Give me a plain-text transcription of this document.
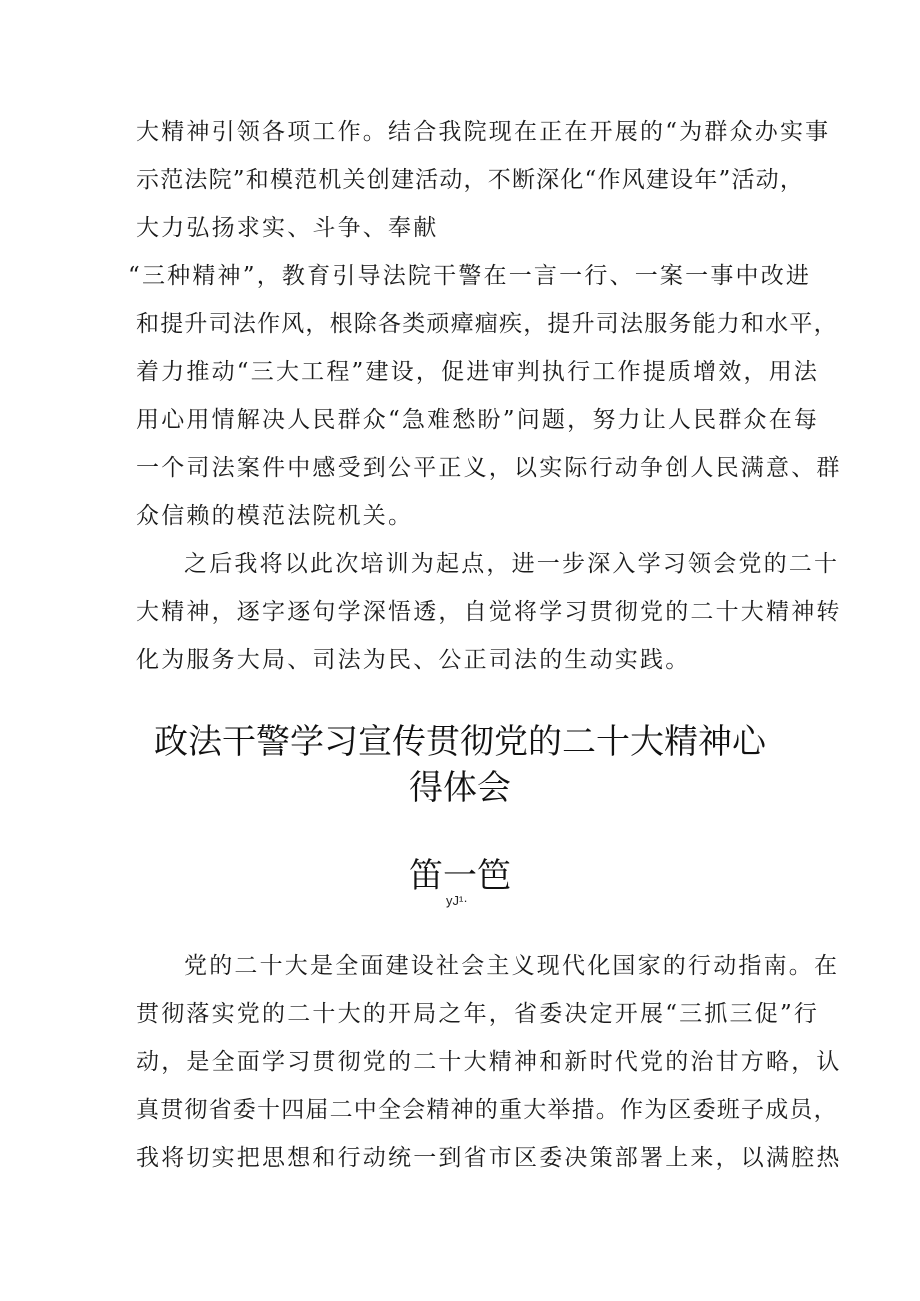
大精神引领各项工作。结合我院现在正在开展的“为群众办实事
示范法院”和模范机关创建活动，不断深化“作风建设年”活动，
大力弘扬求实、斗争、奉献
“三种精神”，教育引导法院干警在一言一行、一案一事中改进
和提升司法作风，根除各类顽瘴痼疾，提升司法服务能力和水平，
着力推动“三大工程”建设，促进审判执行工作提质增效，用法
用心用情解决人民群众“急难愁盼”问题，努力让人民群众在每
一个司法案件中感受到公平正义，以实际行动争创人民满意、群
众信赖的模范法院机关。
之后我将以此次培训为起点，进一步深入学习领会党的二十
大精神，逐字逐句学深悟透，自觉将学习贯彻党的二十大精神转
化为服务大局、司法为民、公正司法的生动实践。
政法干警学习宣传贯彻党的二十大精神心
得体会
笛一笆
yJ¹·
党的二十大是全面建设社会主义现代化国家的行动指南。在
贯彻落实党的二十大的开局之年，省委决定开展“三抓三促”行
动，是全面学习贯彻党的二十大精神和新时代党的治甘方略，认
真贯彻省委十四届二中全会精神的重大举措。作为区委班子成员，
我将切实把思想和行动统一到省市区委决策部署上来，以满腔热
